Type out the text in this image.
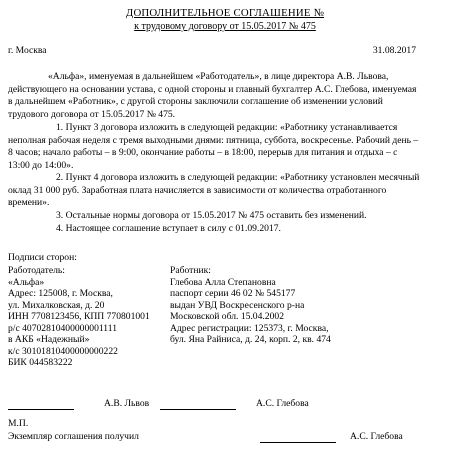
ДОПОЛНИТЕЛЬНОЕ СОГЛАШЕНИЕ №
к трудовому договору от 15.05.2017 № 475
г. Москва	31.08.2017
«Альфа», именуемая в дальнейшем «Работодатель», в лице директора А.В. Львова, действующего на основании устава, с одной стороны и главный бухгалтер А.С. Глебова, именуемая в дальнейшем «Работник», с другой стороны заключили соглашение об изменении условий трудового договора от 15.05.2017 № 475.
1. Пункт 3 договора изложить в следующей редакции: «Работнику устанавливается неполная рабочая неделя с тремя выходными днями: пятница, суббота, воскресенье. Рабочий день – 8 часов; начало работы – в 9:00, окончание работы – в 18:00, перерыв для питания и отдыха – с 13:00 до 14:00».
2. Пункт 4 договора изложить в следующей редакции: «Работнику установлен месячный оклад 31 000 руб. Заработная плата начисляется в зависимости от количества отработанного времени».
3. Остальные нормы договора от 15.05.2017 № 475 оставить без изменений.
4. Настоящее соглашение вступает в силу с 01.09.2017.
Подписи сторон:
Работодатель:
«Альфа»
Адрес: 125008, г. Москва,
ул. Михалковская, д. 20
ИНН 7708123456, КПП 770801001
р/с 40702810400000001111
в АКБ «Надежный»
к/с 30101810400000000222
БИК 044583222
Работник:
Глебова Алла Степановна
паспорт серии 46 02 № 545177
выдан УВД Воскресенского р-на
Московской обл. 15.04.2002
Адрес регистрации: 125373, г. Москва,
бул. Яна Райниса, д. 24, корп. 2, кв. 474
А.В. Львов	А.С. Глебова
М.П.
Экземпляр соглашения получил	А.С. Глебова
